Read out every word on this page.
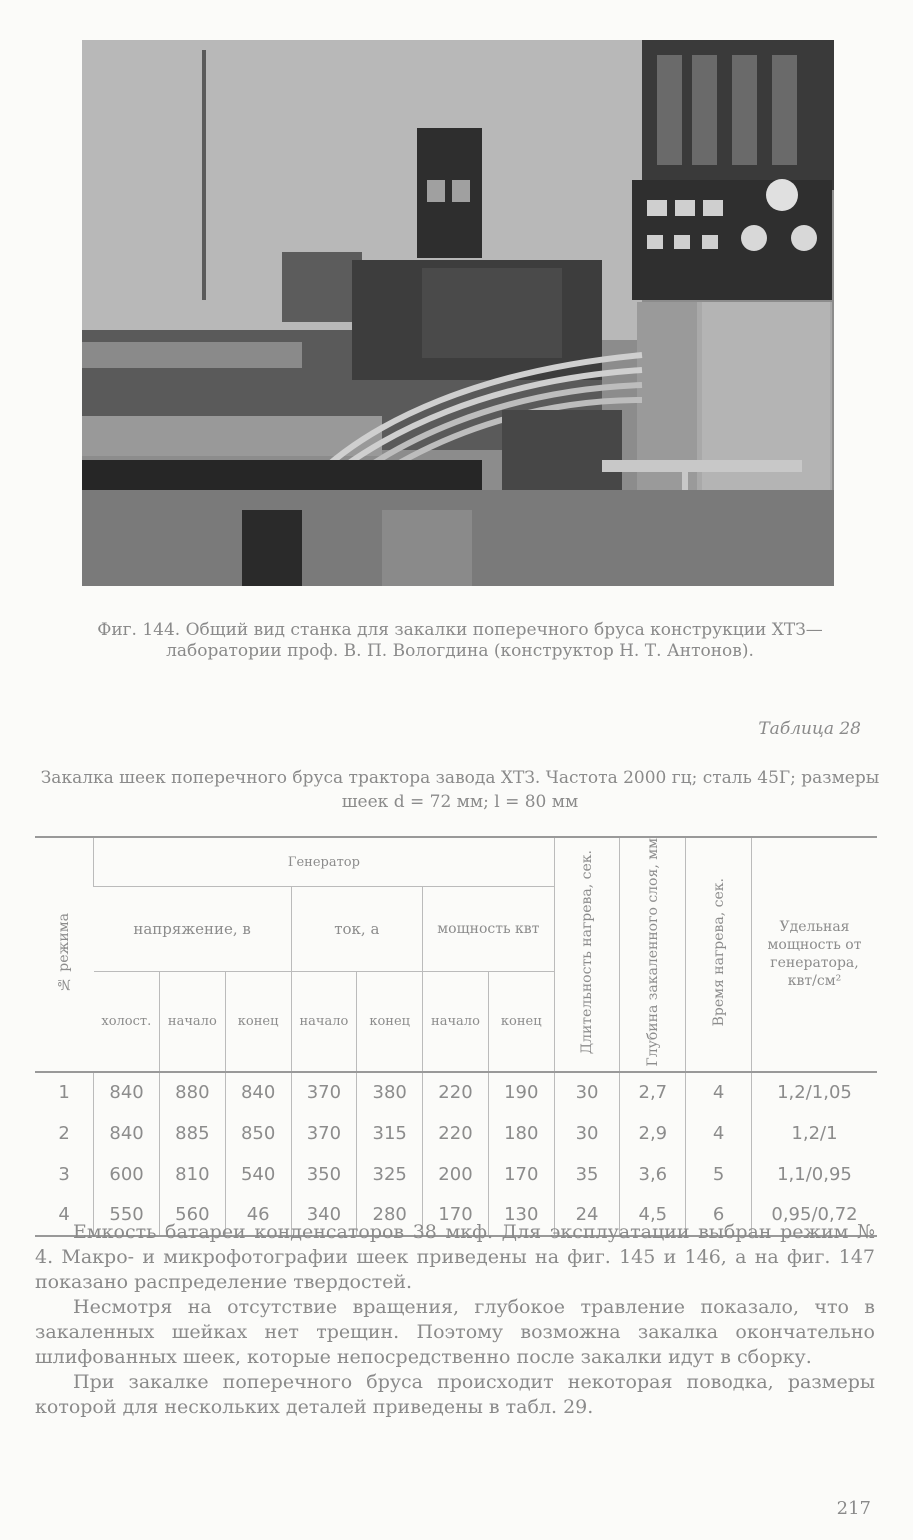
Фиг. 144. Общий вид станка для закалки поперечного бруса конструкции ХТЗ—лаборатории проф. В. П. Вологдина (конструктор Н. Т. Антонов).
Таблица 28
Закалка шеек поперечного бруса трактора завода ХТЗ. Частота 2000 гц; сталь 45Г; размеры шеек d = 72 мм; l = 80 мм
№ режима	Генератор							Длительность нагрева, сек.	Глубина закаленного слоя, мм	Время нагрева, сек.	Удельная мощность от генератора, квт/см²
	напряжение, в			ток, а		мощность квт					
	холост.	начало	конец	начало	конец	начало	конец				
1	840	880	840	370	380	220	190	30	2,7	4	1,2/1,05
2	840	885	850	370	315	220	180	30	2,9	4	1,2/1
3	600	810	540	350	325	200	170	35	3,6	5	1,1/0,95
4	550	560	46	340	280	170	130	24	4,5	6	0,95/0,72

Емкость батареи конденсаторов 38 мкф. Для эксплуатации выбран режим № 4. Макро- и микрофотографии шеек приведены на фиг. 145 и 146, а на фиг. 147 показано распределение твердостей.

Несмотря на отсутствие вращения, глубокое травление показало, что в закаленных шейках нет трещин. Поэтому возможна закалка окончательно шлифованных шеек, которые непосредственно после закалки идут в сборку.

При закалке поперечного бруса происходит некоторая поводка, размеры которой для нескольких деталей приведены в табл. 29.

217
